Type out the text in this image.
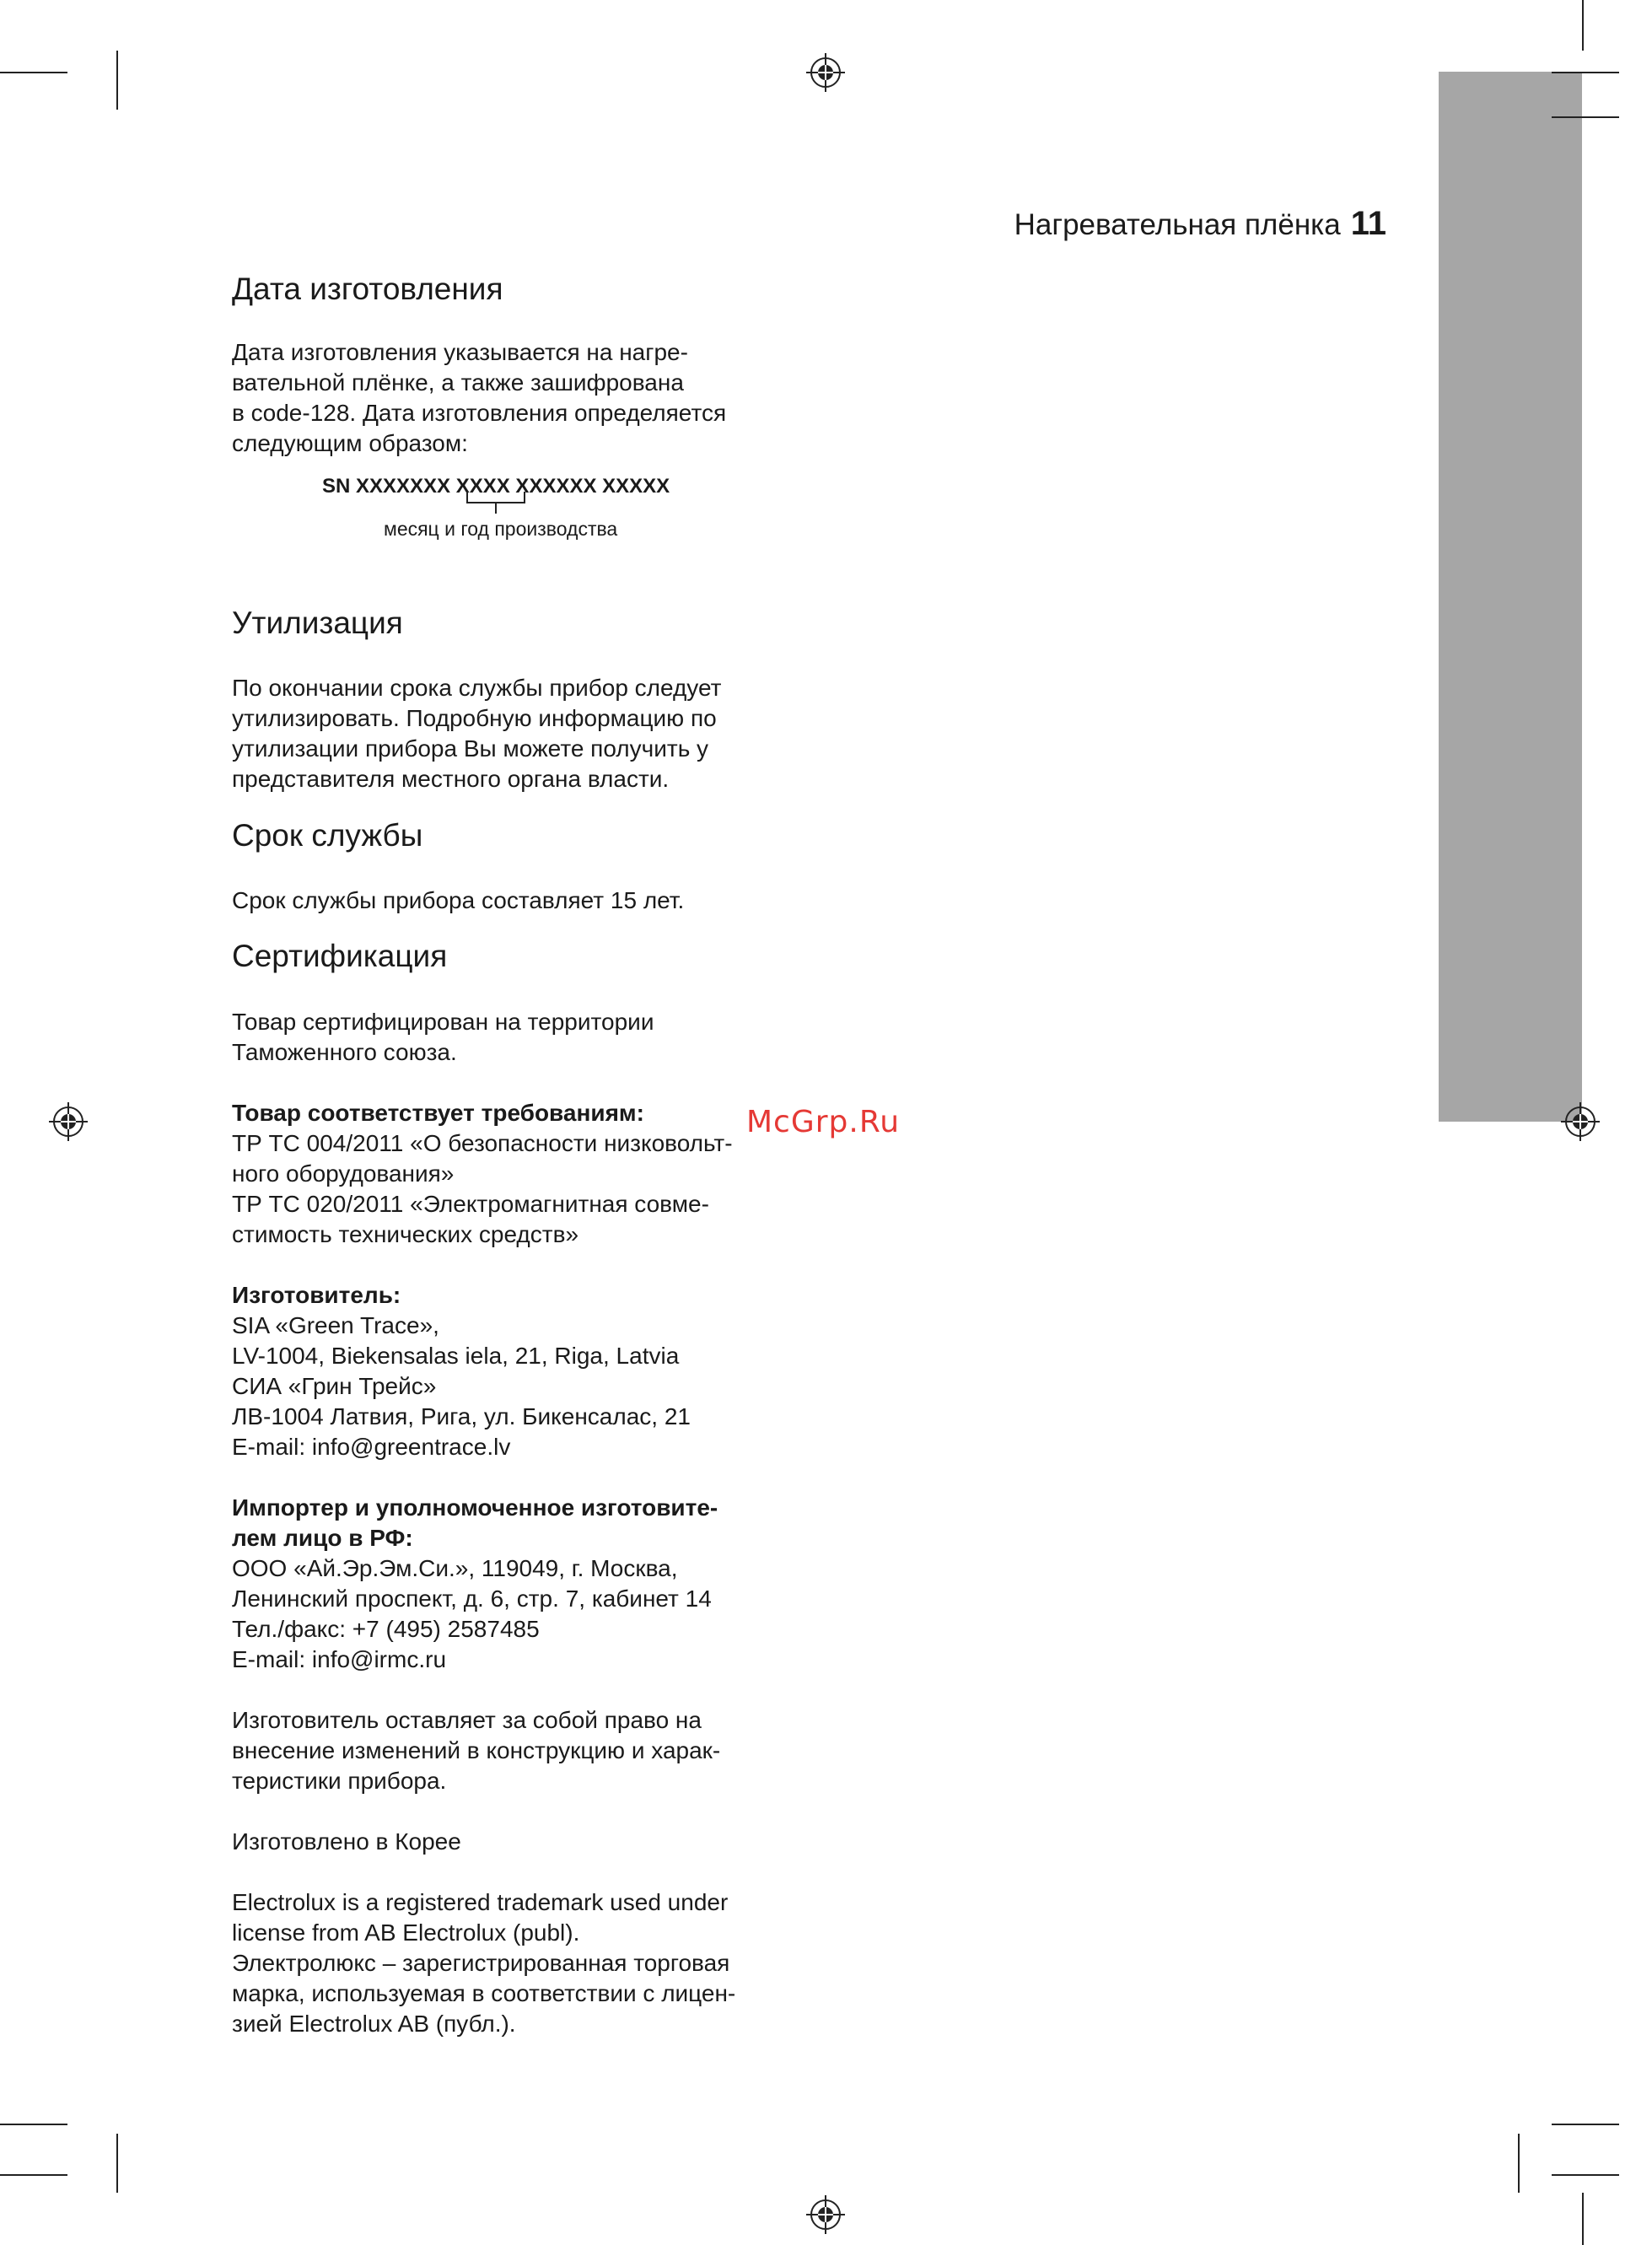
Нагревательная плёнка 11
Дата изготовления

Дата изготовления указывается на нагре-
вательной плёнке, а также зашифрована
в code-128. Дата изготовления определяется
следующим образом:

SN XXXXXXX XXXX XXXXXX XXXXX
месяц и год производства
Утилизация

По окончании срока службы прибор следует
утилизировать. Подробную информацию по
утилизации прибора Вы можете получить у
представителя местного органа власти.

Срок службы

Срок службы прибора составляет 15 лет.

Сертификация

Товар сертифицирован на территории
Таможенного союза.

Товар соответствует требованиям:

ТР ТС 004/2011 «О безопасности низковольт-
ного оборудования»
ТР ТС 020/2011 «Электромагнитная совме-
стимость технических средств»

Изготовитель:

SIA «Green Trace»,
LV-1004, Biekensalas iela, 21, Riga, Latvia
СИА «Грин Трейс»
ЛВ-1004 Латвия, Рига, ул. Бикенсалас, 21
E-mail: info@greentrace.lv

Импортер и уполномоченное изготовите-
лем лицо в РФ:

ООО «Ай.Эр.Эм.Си.», 119049, г. Москва,
Ленинский проспект, д. 6, стр. 7, кабинет 14
Тел./факс: +7 (495) 2587485
E-mail: info@irmc.ru

Изготовитель оставляет за собой право на
внесение изменений в конструкцию и харак-
теристики прибора.

Изготовлено в Корее

Electrolux is a registered trademark used under
license from AB Electrolux (publ).
Электролюкс – зарегистрированная торговая
марка, используемая в соответствии с лицен-
зией Electrolux AB (публ.).

McGrp.Ru
